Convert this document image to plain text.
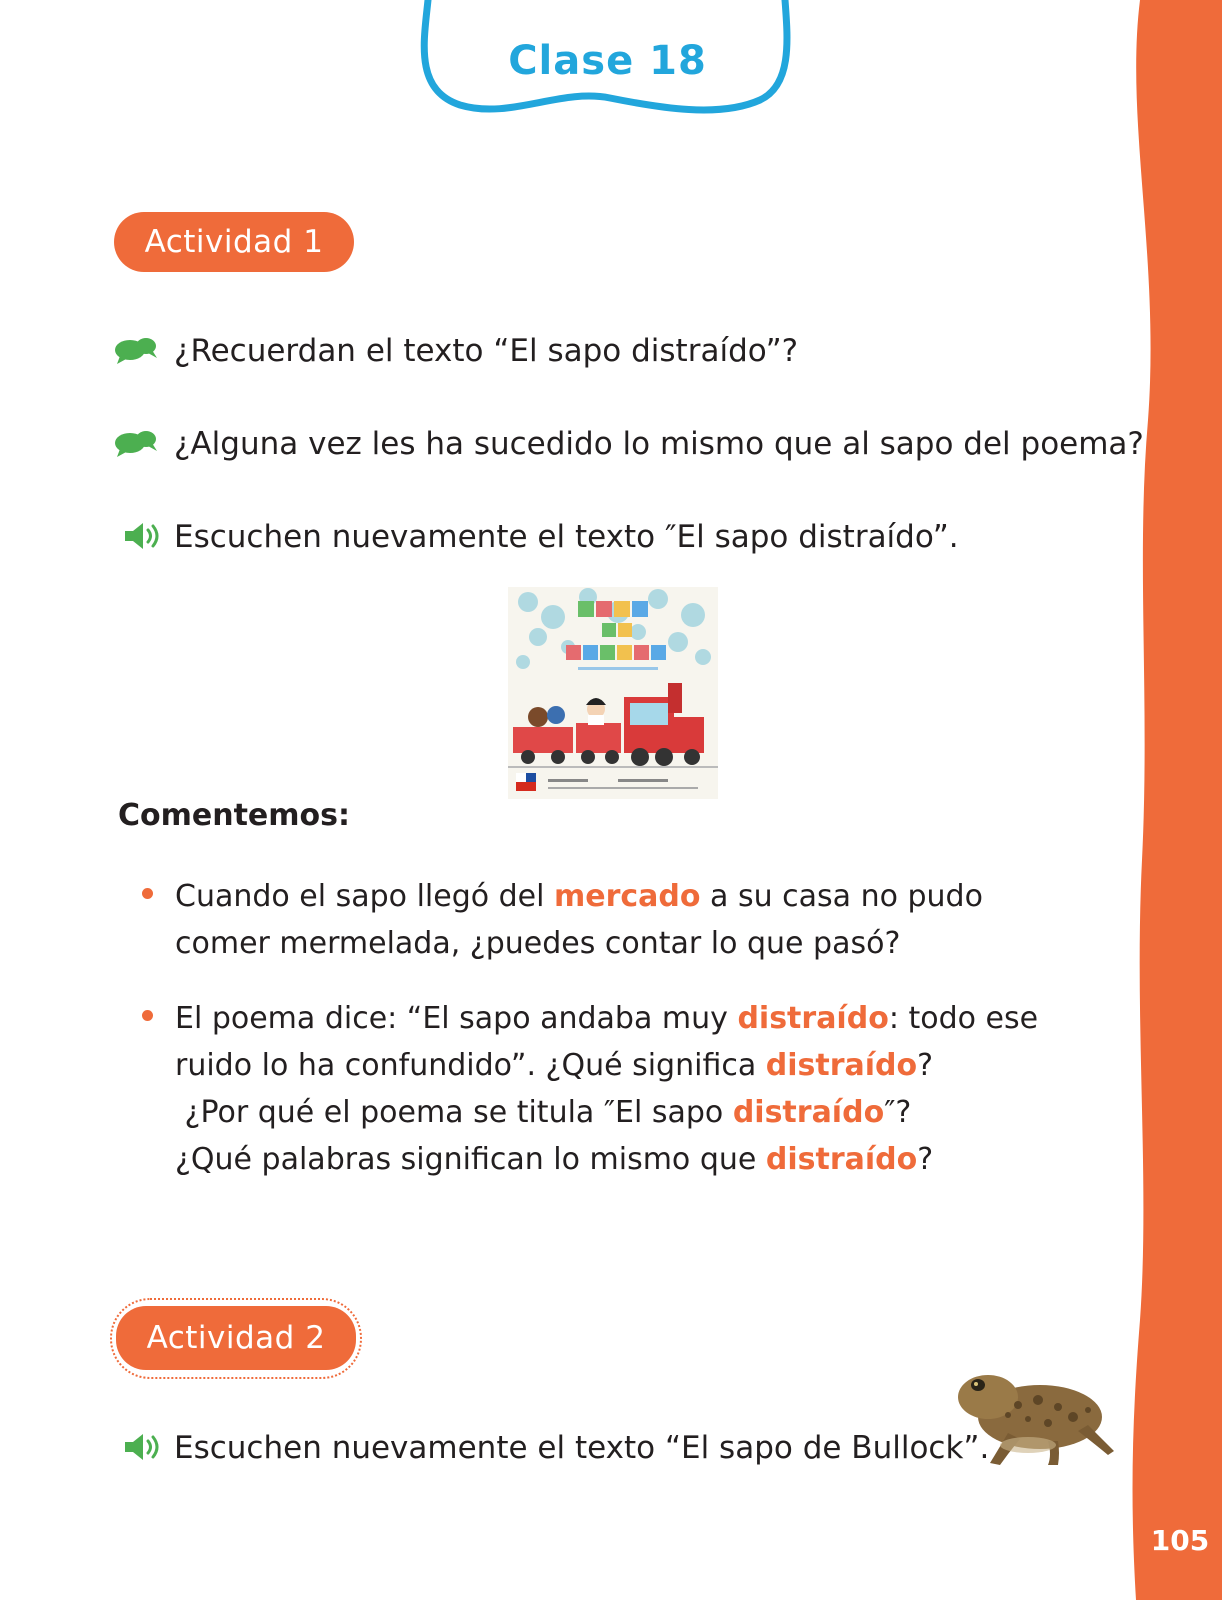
Clase 18
Actividad 1
¿Recuerdan el texto “El sapo distraído”?
¿Alguna vez les ha sucedido lo mismo que al sapo del poema?
Escuchen nuevamente el texto ″El sapo distraído”.
Comentemos:
Cuando el sapo llegó del mercado a su casa no pudo
comer mermelada, ¿puedes contar lo que pasó?
El poema dice: “El sapo andaba muy distraído: todo ese
ruido lo ha confundido”. ¿Qué significa distraído?
¿Por qué el poema se titula ″El sapo distraído″?
¿Qué palabras significan lo mismo que distraído?
Actividad 2
Escuchen nuevamente el texto “El sapo de Bullock”.
105
